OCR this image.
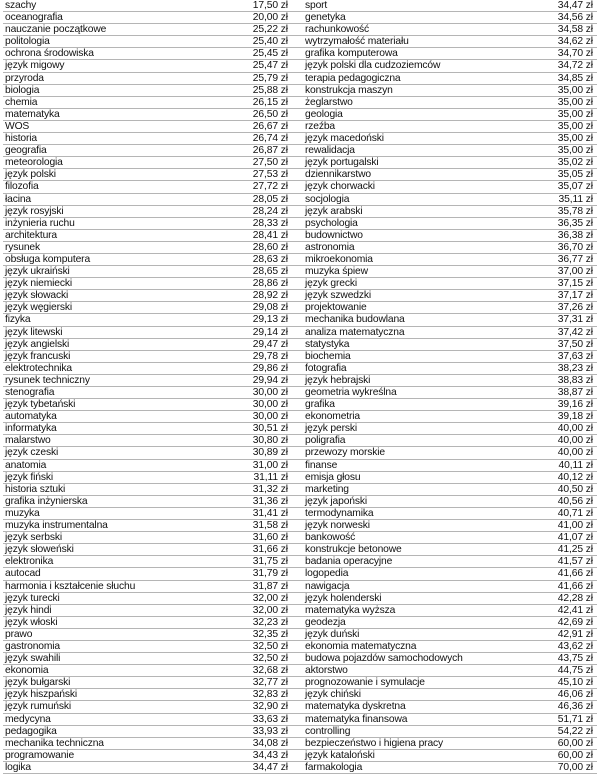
szachy	17,50 zł
oceanografia	20,00 zł
nauczanie początkowe	25,22 zł
politologia	25,40 zł
ochrona środowiska	25,45 zł
język migowy	25,47 zł
przyroda	25,79 zł
biologia	25,88 zł
chemia	26,15 zł
matematyka	26,50 zł
WOS	26,67 zł
historia	26,74 zł
geografia	26,87 zł
meteorologia	27,50 zł
język polski	27,53 zł
filozofia	27,72 zł
łacina	28,05 zł
język rosyjski	28,24 zł
inżynieria ruchu	28,33 zł
architektura	28,41 zł
rysunek	28,60 zł
obsługa komputera	28,63 zł
język ukraiński	28,65 zł
język niemiecki	28,86 zł
język słowacki	28,92 zł
język węgierski	29,08 zł
fizyka	29,13 zł
język litewski	29,14 zł
język angielski	29,47 zł
język francuski	29,78 zł
elektrotechnika	29,86 zł
rysunek techniczny	29,94 zł
stenografia	30,00 zł
język tybetański	30,00 zł
automatyka	30,00 zł
informatyka	30,51 zł
malarstwo	30,80 zł
język czeski	30,89 zł
anatomia	31,00 zł
język fiński	31,11 zł
historia sztuki	31,32 zł
grafika inżynierska	31,36 zł
muzyka	31,41 zł
muzyka instrumentalna	31,58 zł
język serbski	31,60 zł
język słoweński	31,66 zł
elektronika	31,75 zł
autocad	31,79 zł
harmonia i kształcenie słuchu	31,87 zł
język turecki	32,00 zł
język hindi	32,00 zł
język włoski	32,23 zł
prawo	32,35 zł
gastronomia	32,50 zł
język swahili	32,50 zł
ekonomia	32,68 zł
język bułgarski	32,77 zł
język hiszpański	32,83 zł
język rumuński	32,90 zł
medycyna	33,63 zł
pedagogika	33,93 zł
mechanika techniczna	34,08 zł
programowanie	34,43 zł
logika	34,47 zł
sport	34,47 zł
genetyka	34,56 zł
rachunkowość	34,58 zł
wytrzymałość materiału	34,62 zł
grafika komputerowa	34,70 zł
język polski dla cudzoziemców	34,72 zł
terapia pedagogiczna	34,85 zł
konstrukcja maszyn	35,00 zł
żeglarstwo	35,00 zł
geologia	35,00 zł
rzeźba	35,00 zł
język macedoński	35,00 zł
rewalidacja	35,00 zł
język portugalski	35,02 zł
dziennikarstwo	35,05 zł
język chorwacki	35,07 zł
socjologia	35,11 zł
język arabski	35,78 zł
psychologia	36,35 zł
budownictwo	36,38 zł
astronomia	36,70 zł
mikroekonomia	36,77 zł
muzyka śpiew	37,00 zł
język grecki	37,15 zł
język szwedzki	37,17 zł
projektowanie	37,26 zł
mechanika budowlana	37,31 zł
analiza matematyczna	37,42 zł
statystyka	37,50 zł
biochemia	37,63 zł
fotografia	38,23 zł
język hebrajski	38,83 zł
geometria wykreślna	38,87 zł
grafika	39,16 zł
ekonometria	39,18 zł
język perski	40,00 zł
poligrafia	40,00 zł
przewozy morskie	40,00 zł
finanse	40,11 zł
emisja głosu	40,12 zł
marketing	40,50 zł
język japoński	40,56 zł
termodynamika	40,71 zł
język norweski	41,00 zł
bankowość	41,07 zł
konstrukcje betonowe	41,25 zł
badania operacyjne	41,57 zł
logopedia	41,66 zł
nawigacja	41,66 zł
język holenderski	42,28 zł
matematyka wyższa	42,41 zł
geodezja	42,69 zł
język duński	42,91 zł
ekonomia matematyczna	43,62 zł
budowa pojazdów samochodowych	43,75 zł
aktorstwo	44,75 zł
prognozowanie i symulacje	45,10 zł
język chiński	46,06 zł
matematyka dyskretna	46,36 zł
matematyka finansowa	51,71 zł
controlling	54,22 zł
bezpieczeństwo i higiena pracy	60,00 zł
język kataloński	60,00 zł
farmakologia	70,00 zł
